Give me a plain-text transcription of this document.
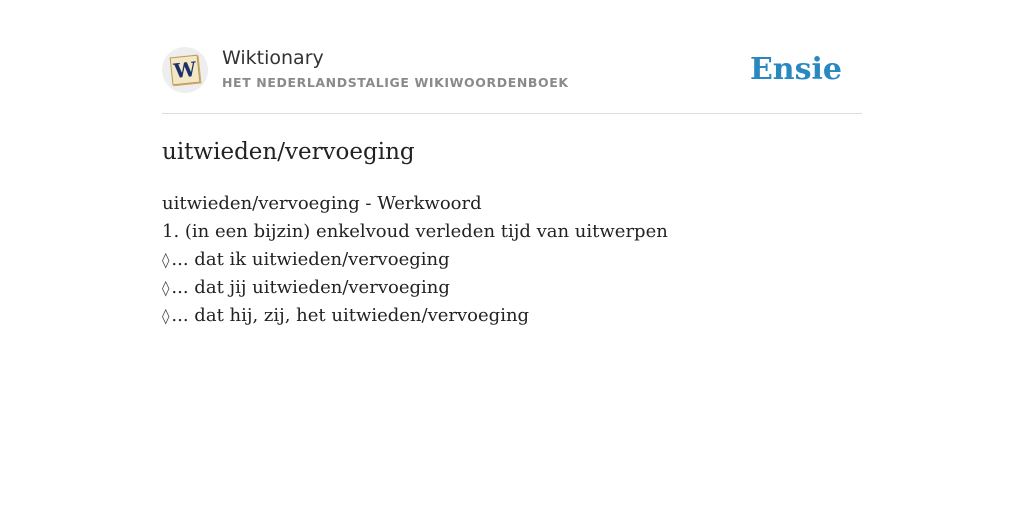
W Wiktionary
HET NEDERLANDSTALIGE WIKIWOORDENBOEK	Ensie
uitwieden/vervoeging
uitwieden/vervoeging - Werkwoord
1. (in een bijzin) enkelvoud verleden tijd van uitwerpen
◊ ... dat ik uitwieden/vervoeging
◊ ... dat jij uitwieden/vervoeging
◊ ... dat hij, zij, het uitwieden/vervoeging
